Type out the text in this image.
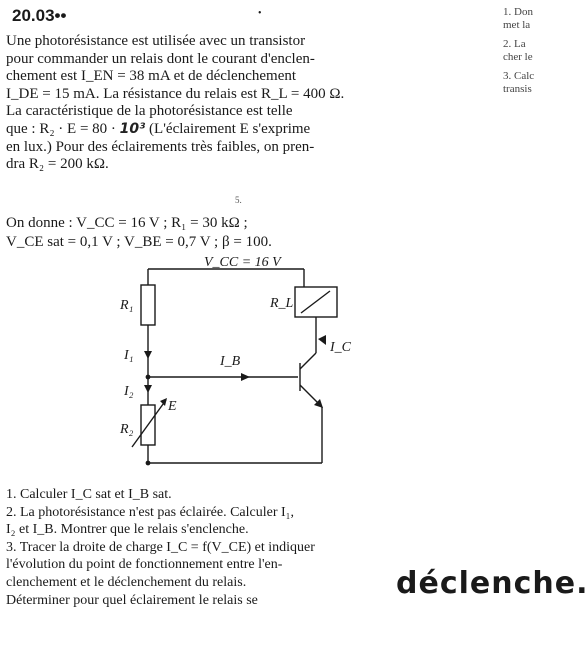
20.03••	•
Une photorésistance est utilisée avec un transistor
pour commander un relais dont le courant d'enclen-
chement est I_EN = 38 mA et de déclenchement
I_DE = 15 mA. La résistance du relais est R_L = 400 Ω.
La caractéristique de la photorésistance est telle
que : R₂ · E = 80 · 10³ (L'éclairement E s'exprime
en lux.) Pour des éclairements très faibles, on pren-
dra R₂ = 200 kΩ.
5.
On donne : V_CC = 16 V ; R₁ = 30 kΩ ;
V_CE sat = 0,1 V ; V_BE = 0,7 V ; β = 100.
V_CC = 16 V
R₁	R_L
I_C
I₁	I_B
I₂
E
R₂
1. Calculer I_C sat et I_B sat.
2. La photorésistance n'est pas éclairée. Calculer I₁,
I₂ et I_B. Montrer que le relais s'enclenche.
3. Tracer la droite de charge I_C = f(V_CE) et indiquer
l'évolution du point de fonctionnement entre l'en-
clenchement et le déclenchement du relais.
Déterminer pour quel éclairement le relais se	déclenche.
1. Don
met la
2. La
cher le
3. Calc
transis
